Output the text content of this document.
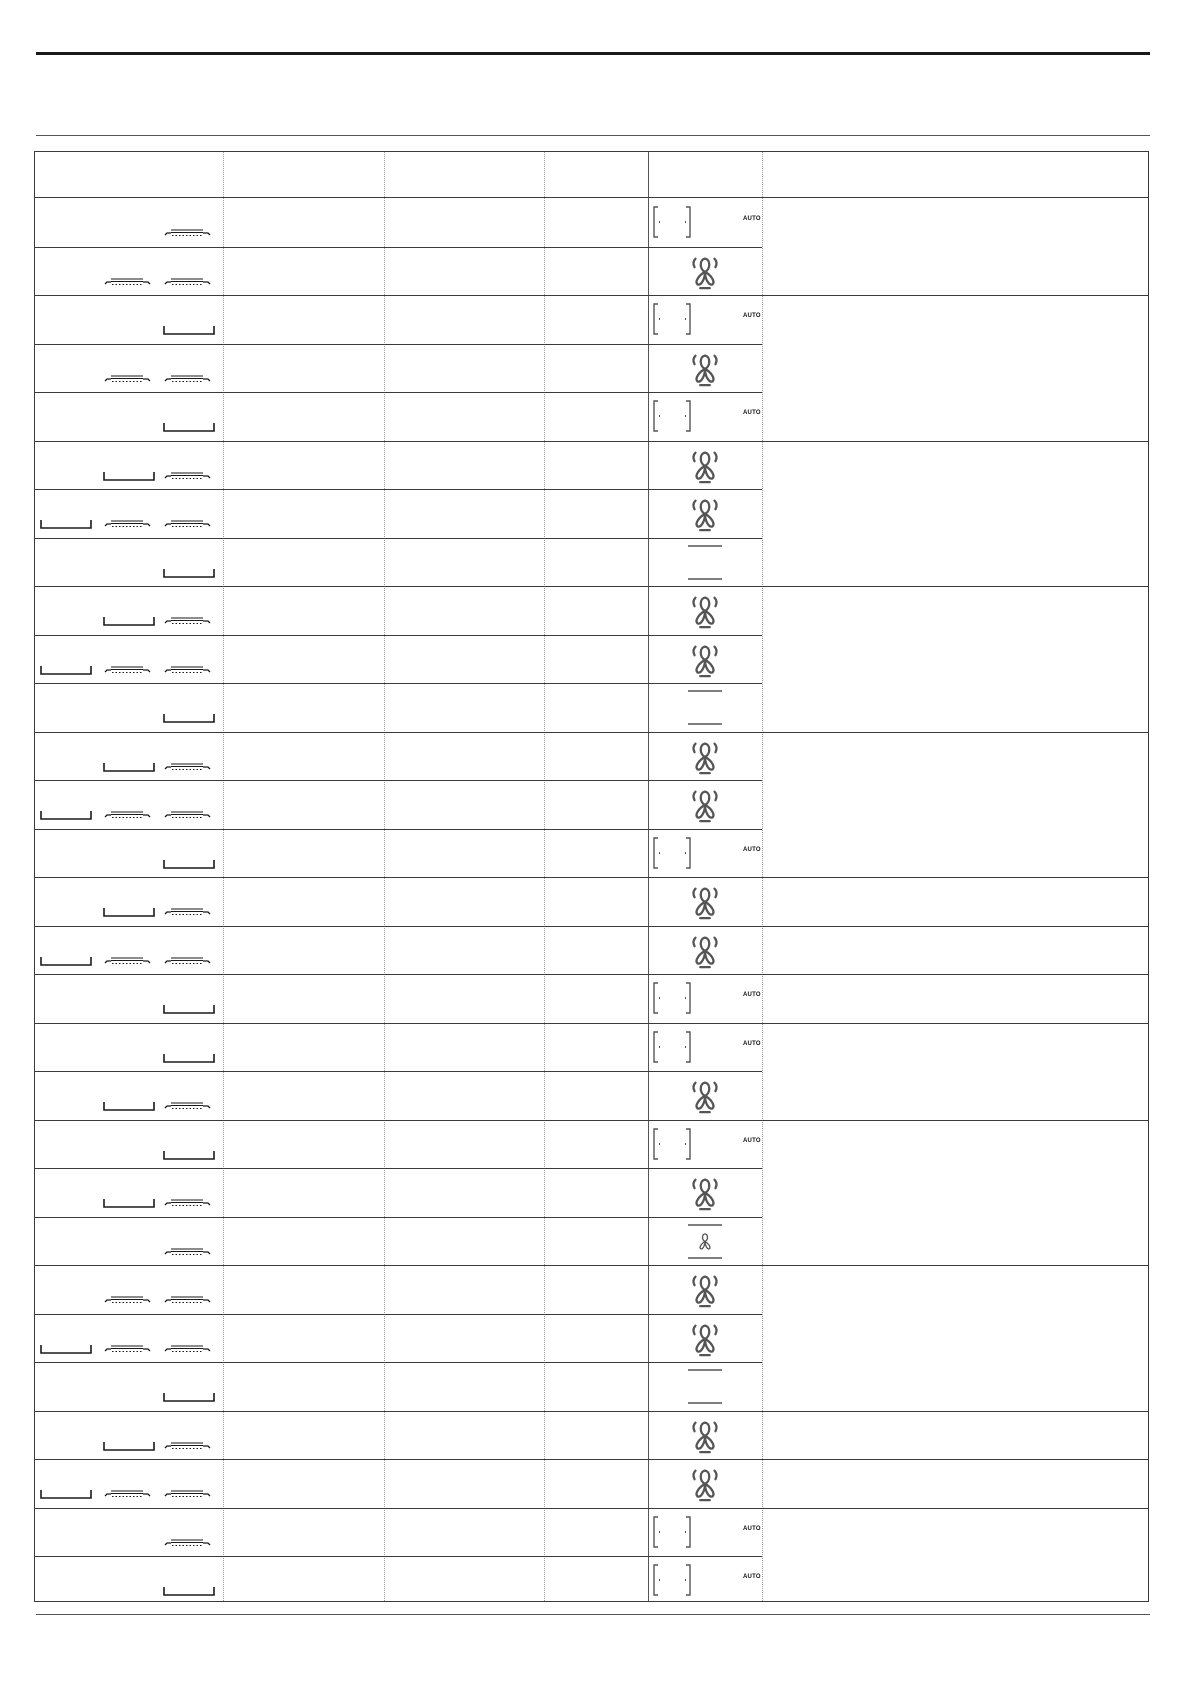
AUTO
AUTO
AUTO
AUTO
AUTO
AUTO
AUTO
AUTO
AUTO
